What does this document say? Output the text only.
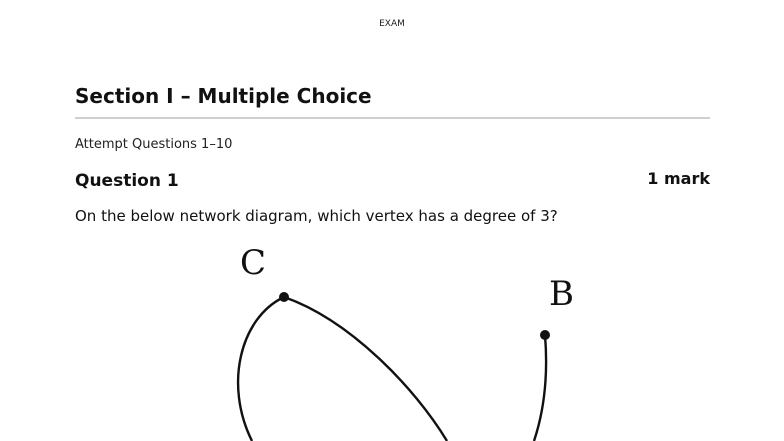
EXAM
Section I – Multiple Choice
Attempt Questions 1–10
Question 1	1 mark
On the below network diagram, which vertex has a degree of 3?
C
B
